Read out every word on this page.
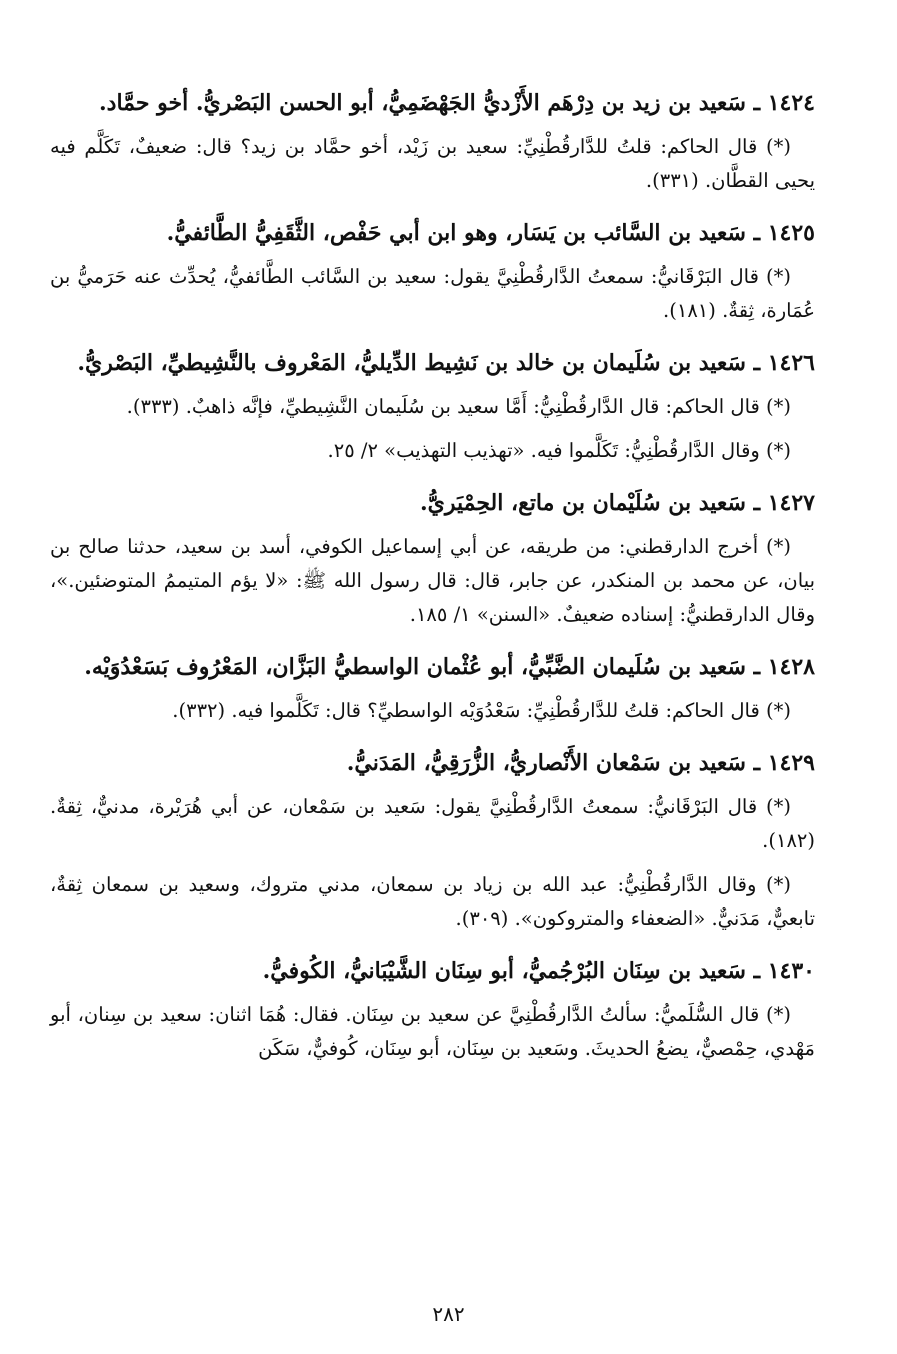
١٤٢٤ ـ سَعيد بن زيد بن دِرْهَم الأَزْديُّ الجَهْضَمِيُّ، أبو الحسن البَصْريُّ. أخو حمَّاد.
(*) قال الحاكم: قلتُ للدَّارقُطْنِيِّ: سعيد بن زَيْد، أخو حمَّاد بن زيد؟ قال: ضعيفٌ، تَكَلَّم فيه يحيى القطَّان. (٣٣١).
١٤٢٥ ـ سَعيد بن السَّائب بن يَسَار، وهو ابن أبي حَفْص، الثَّقَفِيُّ الطَّائفيُّ.
(*) قال البَرْقَانيُّ: سمعتُ الدَّارقُطْنِيَّ يقول: سعيد بن السَّائب الطَّائفيُّ، يُحدِّث عنه حَرَميُّ بن عُمَارة، ثِقةٌ. (١٨١).
١٤٢٦ ـ سَعيد بن سُلَيمان بن خالد بن نَشِيط الدِّيليُّ، المَعْروف بالنَّشِيطيِّ، البَصْريُّ.
(*) قال الحاكم: قال الدَّارقُطْنِيُّ: أَمَّا سعيد بن سُلَيمان النَّشِيطيِّ، فإنَّه ذاهبٌ. (٣٣٣).
(*) وقال الدَّارقُطْنِيُّ: تَكَلَّموا فيه. «تهذيب التهذيب» ٢/ ٢٥.
١٤٢٧ ـ سَعيد بن سُلَيْمان بن ماتع، الحِمْيَريُّ.
(*) أخرج الدارقطني: من طريقه، عن أبي إسماعيل الكوفي، أسد بن سعيد، حدثنا صالح بن بيان، عن محمد بن المنكدر، عن جابر، قال: قال رسول الله ﷺ: «لا يؤم المتيممُ المتوضئين.»، وقال الدارقطنيُّ: إسناده ضعيفٌ. «السنن» ١/ ١٨٥.
١٤٢٨ ـ سَعيد بن سُلَيمان الضَّبِّيُّ، أبو عُثْمان الواسطيُّ البَزَّان، المَعْرُوف بَسَعْدُوَيْه.
(*) قال الحاكم: قلتُ للدَّارقُطْنِيِّ: سَعْدُوَيْه الواسطيِّ؟ قال: تَكَلَّموا فيه. (٣٣٢).
١٤٢٩ ـ سَعيد بن سَمْعان الأَنْصاريُّ، الزُّرَقِيُّ، المَدَنيُّ.
(*) قال البَرْقَانيُّ: سمعتُ الدَّارقُطْنِيَّ يقول: سَعيد بن سَمْعان، عن أبي هُرَيْرة، مدنيٌّ، ثِقةٌ. (١٨٢).
(*) وقال الدَّارقُطْنِيُّ: عبد الله بن زياد بن سمعان، مدني متروك، وسعيد بن سمعان ثِقةٌ، تابعيٌّ، مَدَنيٌّ. «الضعفاء والمتروكون». (٣٠٩).
١٤٣٠ ـ سَعيد بن سِنَان البُرْجُميُّ، أبو سِنَان الشَّيْبَانيُّ، الكُوفيُّ.
(*) قال السُّلَميُّ: سألتُ الدَّارقُطْنِيَّ عن سعيد بن سِنَان. فقال: هُمَا اثنان: سعيد بن سِنان، أبو مَهْدي، حِمْصيٌّ، يضعُ الحديثَ. وسَعيد بن سِنَان، أبو سِنَان، كُوفيٌّ، سَكَن
٢٨٢
